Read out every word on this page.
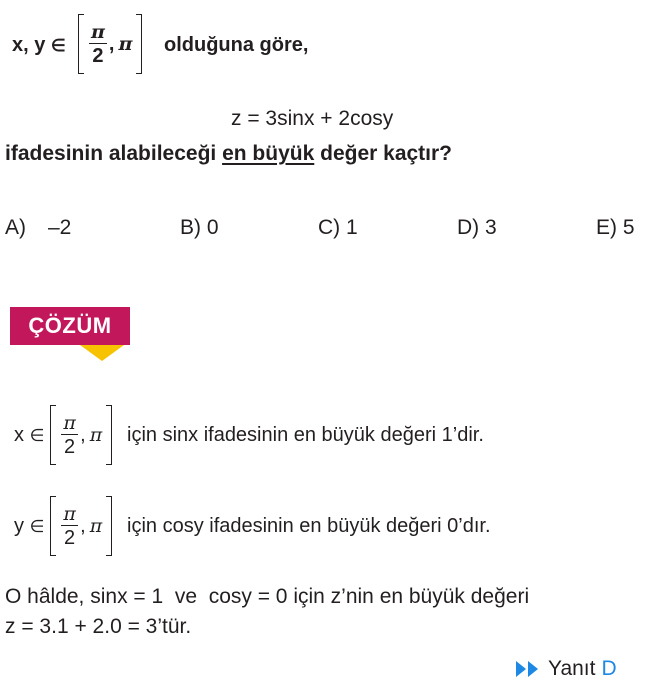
x, y ∈ $\frac{\pi}{2}$ , π olduğuna göre,
z = 3sinx + 2cosy
ifadesinin alabileceği en büyük değer kaçtır?
A) –2	B) 0	C) 1	D) 3	E) 5
ÇÖZÜM
x ∈ $\frac{\pi}{2}$ , π için sinx ifadesinin en büyük değeri 1’dir.
y ∈ $\frac{\pi}{2}$ , π için cosy ifadesinin en büyük değeri 0’dır.
O hâlde, sinx = 1  ve  cosy = 0 için z’nin en büyük değeri
z = 3.1 + 2.0 = 3’tür.
Yanıt D
